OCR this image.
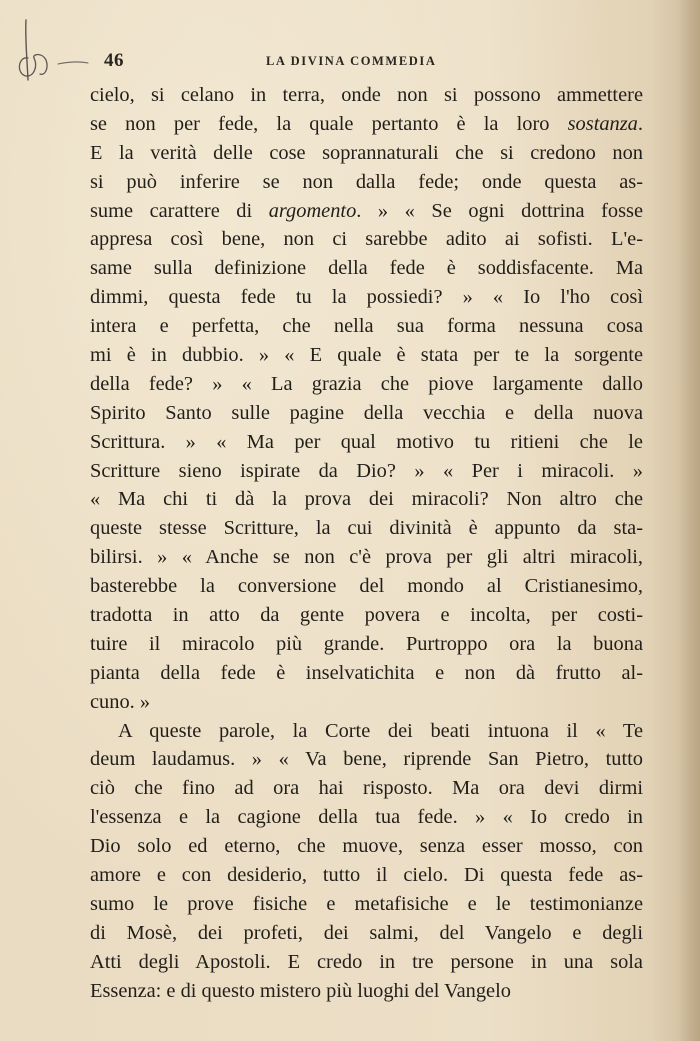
46	LA DIVINA COMMEDIA
cielo, si celano in terra, onde non si possono ammettere
se non per fede, la quale pertanto è la loro sostanza.
E la verità delle cose soprannaturali che si credono non
si può inferire se non dalla fede; onde questa as-
sume carattere di argomento. » « Se ogni dottrina fosse
appresa così bene, non ci sarebbe adito ai sofisti. L'e-
same sulla definizione della fede è soddisfacente. Ma
dimmi, questa fede tu la possiedi? » « Io l'ho così
intera e perfetta, che nella sua forma nessuna cosa
mi è in dubbio. » « E quale è stata per te la sorgente
della fede? » « La grazia che piove largamente dallo
Spirito Santo sulle pagine della vecchia e della nuova
Scrittura. » « Ma per qual motivo tu ritieni che le
Scritture sieno ispirate da Dio? » « Per i miracoli. »
« Ma chi ti dà la prova dei miracoli? Non altro che
queste stesse Scritture, la cui divinità è appunto da sta-
bilirsi. » « Anche se non c'è prova per gli altri miracoli,
basterebbe la conversione del mondo al Cristianesimo,
tradotta in atto da gente povera e incolta, per costi-
tuire il miracolo più grande. Purtroppo ora la buona
pianta della fede è inselvatichita e non dà frutto al-
cuno. »
A queste parole, la Corte dei beati intuona il « Te
deum laudamus. » « Va bene, riprende San Pietro, tutto
ciò che fino ad ora hai risposto. Ma ora devi dirmi
l'essenza e la cagione della tua fede. » « Io credo in
Dio solo ed eterno, che muove, senza esser mosso, con
amore e con desiderio, tutto il cielo. Di questa fede as-
sumo le prove fisiche e metafisiche e le testimonianze
di Mosè, dei profeti, dei salmi, del Vangelo e degli
Atti degli Apostoli. E credo in tre persone in una sola
Essenza: e di questo mistero più luoghi del Vangelo
